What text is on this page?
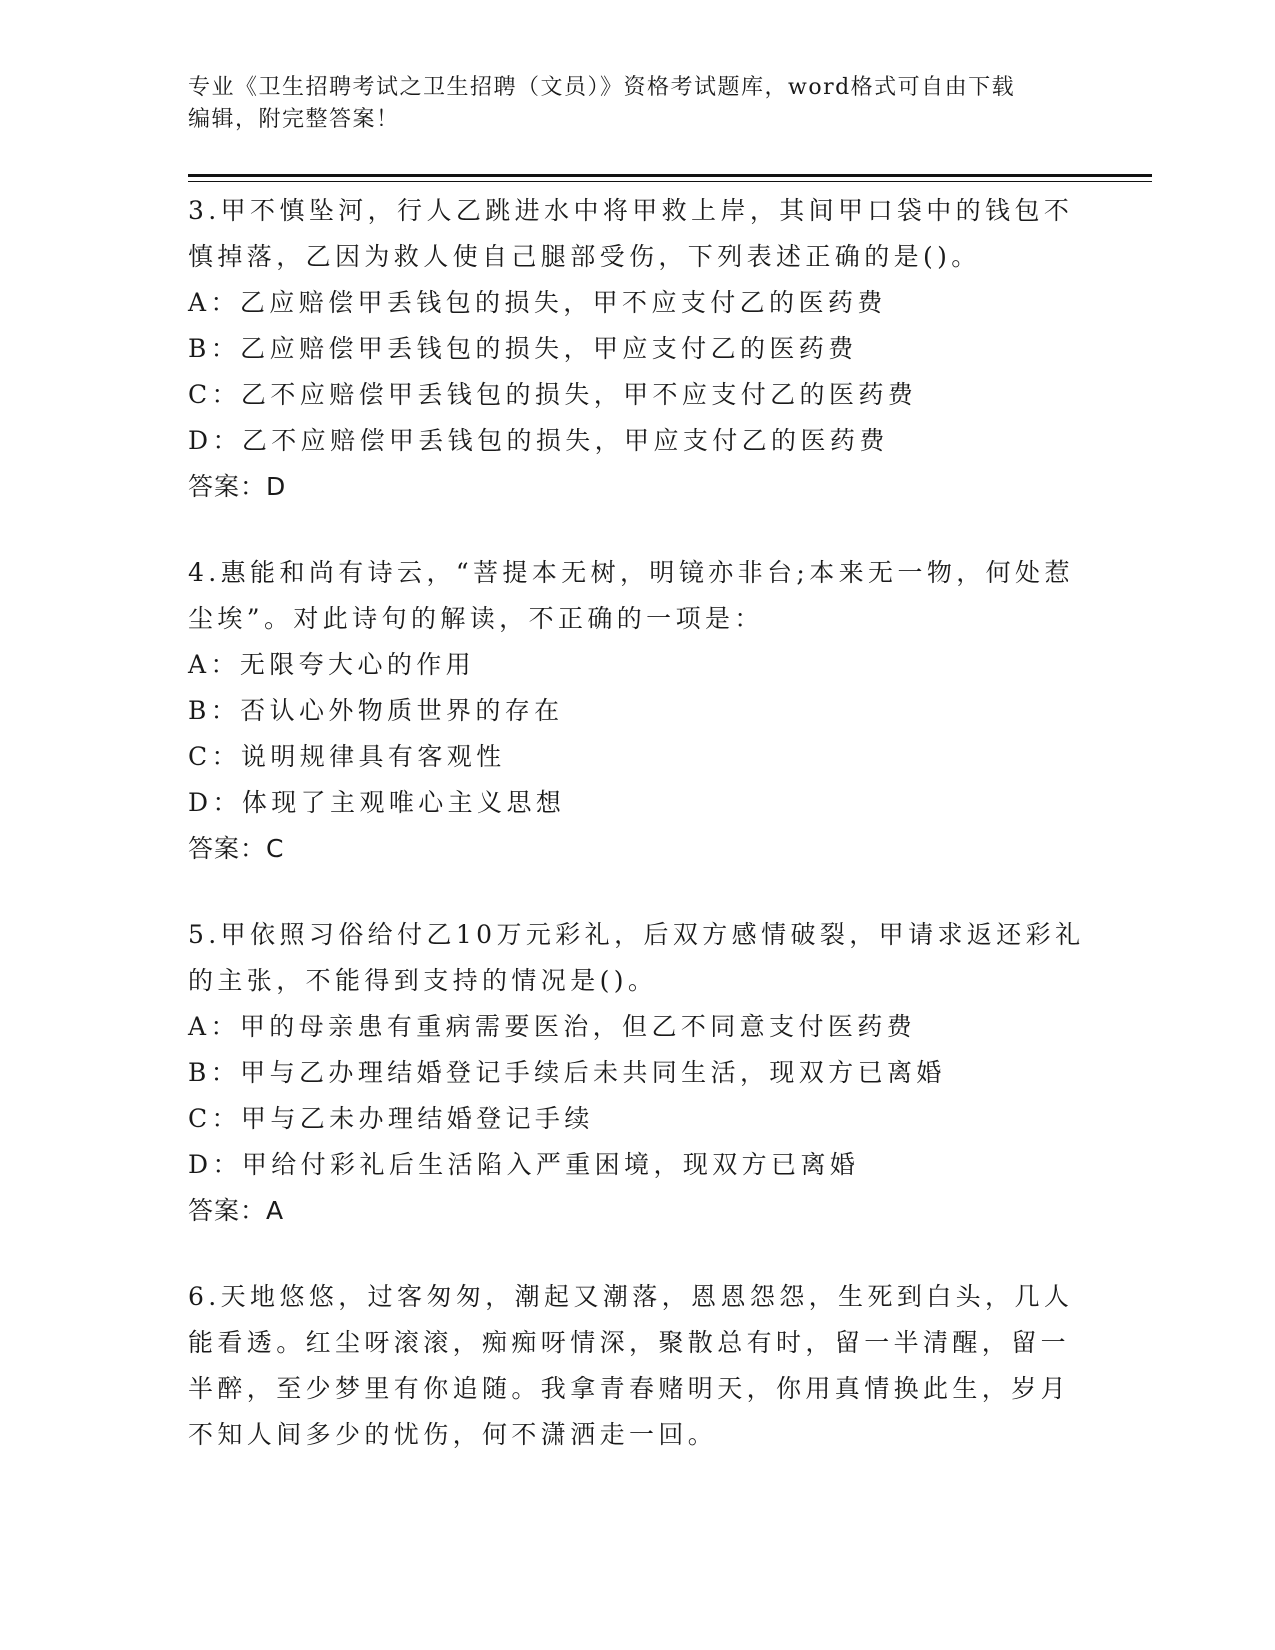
专业《卫生招聘考试之卫生招聘（文员）》资格考试题库，word格式可自由下载
编辑，附完整答案！
3.甲不慎坠河，行人乙跳进水中将甲救上岸，其间甲口袋中的钱包不
慎掉落，乙因为救人使自己腿部受伤，下列表述正确的是()。
A：乙应赔偿甲丢钱包的损失，甲不应支付乙的医药费
B：乙应赔偿甲丢钱包的损失，甲应支付乙的医药费
C：乙不应赔偿甲丢钱包的损失，甲不应支付乙的医药费
D：乙不应赔偿甲丢钱包的损失，甲应支付乙的医药费
答案：D
4.惠能和尚有诗云，“菩提本无树，明镜亦非台;本来无一物，何处惹
尘埃”。对此诗句的解读，不正确的一项是：
A：无限夸大心的作用
B：否认心外物质世界的存在
C：说明规律具有客观性
D：体现了主观唯心主义思想
答案：C
5.甲依照习俗给付乙10万元彩礼，后双方感情破裂，甲请求返还彩礼
的主张，不能得到支持的情况是()。
A：甲的母亲患有重病需要医治，但乙不同意支付医药费
B：甲与乙办理结婚登记手续后未共同生活，现双方已离婚
C：甲与乙未办理结婚登记手续
D：甲给付彩礼后生活陷入严重困境，现双方已离婚
答案：A
6.天地悠悠，过客匆匆，潮起又潮落，恩恩怨怨，生死到白头，几人
能看透。红尘呀滚滚，痴痴呀情深，聚散总有时，留一半清醒，留一
半醉，至少梦里有你追随。我拿青春赌明天，你用真情换此生，岁月
不知人间多少的忧伤，何不潇洒走一回。
